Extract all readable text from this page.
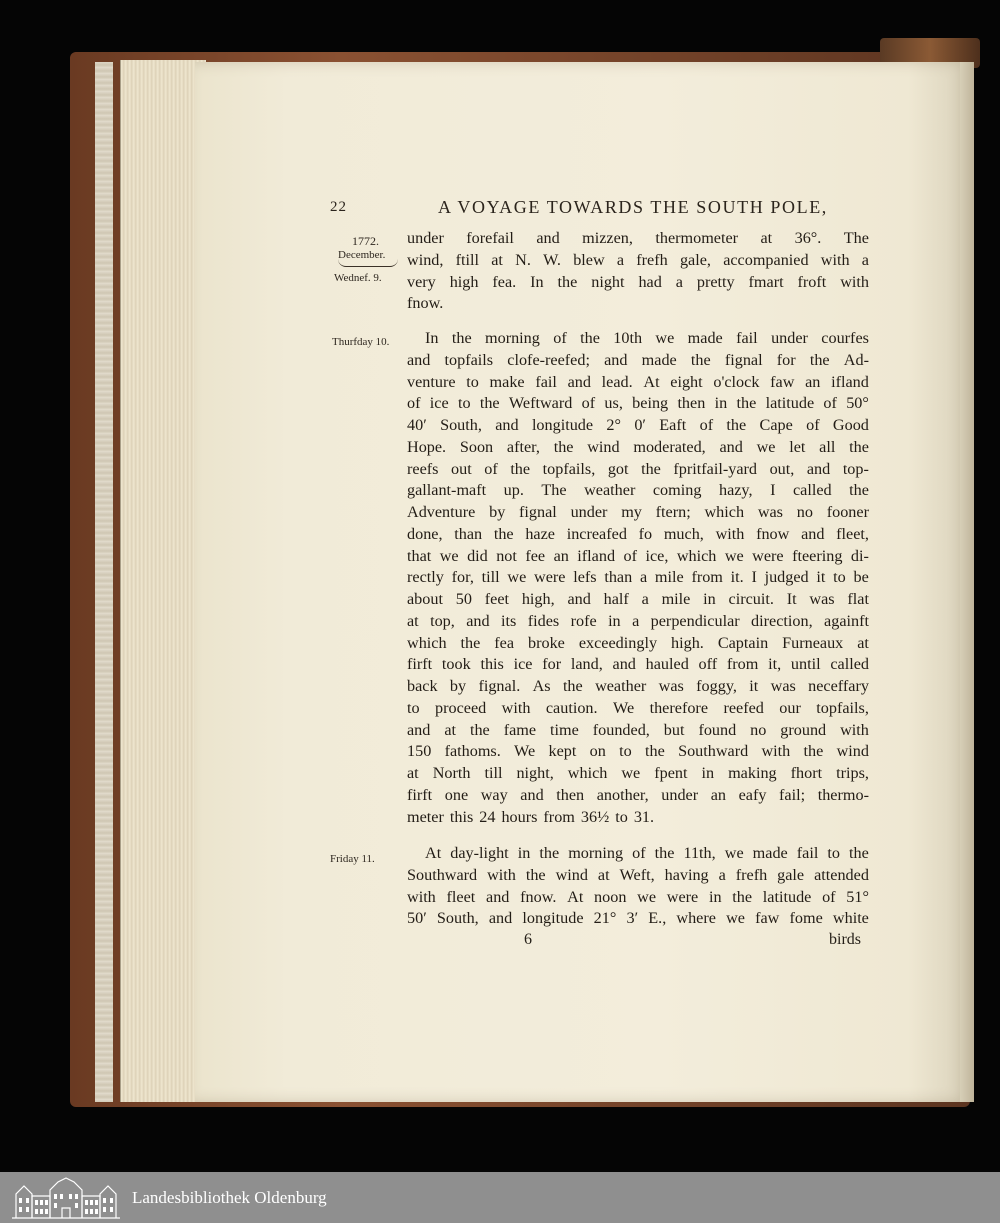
22	A VOYAGE TOWARDS THE SOUTH POLE,
1772.
December.
Wednef. 9.
Thurfday 10.
Friday 11.
under forefail and mizzen, thermometer at 36°. The
wind, ftill at N. W. blew a frefh gale, accompanied with a
very high fea. In the night had a pretty fmart froft with
fnow.
In the morning of the 10th we made fail under courfes
and topfails clofe-reefed; and made the fignal for the Ad-
venture to make fail and lead. At eight o'clock faw an ifland
of ice to the Weftward of us, being then in the latitude of 50°
40′ South, and longitude 2° 0′ Eaft of the Cape of Good
Hope. Soon after, the wind moderated, and we let all the
reefs out of the topfails, got the fpritfail-yard out, and top-
gallant-maft up. The weather coming hazy, I called the
Adventure by fignal under my ftern; which was no fooner
done, than the haze increafed fo much, with fnow and fleet,
that we did not fee an ifland of ice, which we were fteering di-
rectly for, till we were lefs than a mile from it. I judged it to be
about 50 feet high, and half a mile in circuit. It was flat
at top, and its fides rofe in a perpendicular direction, againft
which the fea broke exceedingly high. Captain Furneaux at
firft took this ice for land, and hauled off from it, until called
back by fignal. As the weather was foggy, it was neceffary
to proceed with caution. We therefore reefed our topfails,
and at the fame time founded, but found no ground with
150 fathoms. We kept on to the Southward with the wind
at North till night, which we fpent in making fhort trips,
firft one way and then another, under an eafy fail; thermo-
meter this 24 hours from 36½ to 31.
At day-light in the morning of the 11th, we made fail to the
Southward with the wind at Weft, having a frefh gale attended
with fleet and fnow. At noon we were in the latitude of 51°
50′ South, and longitude 21° 3′ E., where we faw fome white
6	birds
Landesbibliothek Oldenburg
